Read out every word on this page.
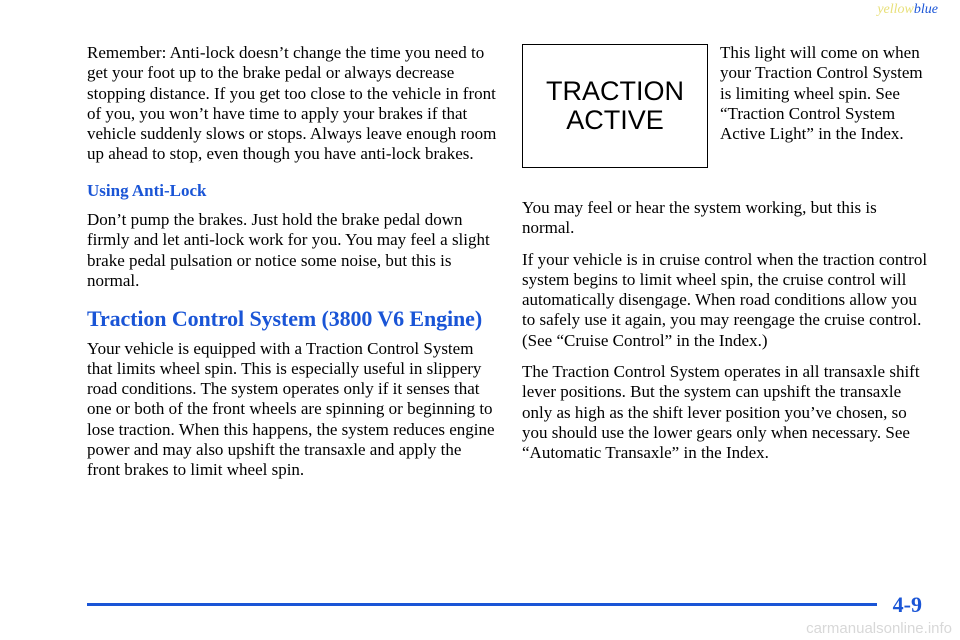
yellowblue

Remember: Anti-lock doesn’t change the time you need to get your foot up to the brake pedal or always decrease stopping distance. If you get too close to the vehicle in front of you, you won’t have time to apply your brakes if that vehicle suddenly slows or stops. Always leave enough room up ahead to stop, even though you have anti-lock brakes.

Using Anti-Lock

Don’t pump the brakes. Just hold the brake pedal down firmly and let anti-lock work for you. You may feel a slight brake pedal pulsation or notice some noise, but this is normal.

Traction Control System (3800 V6 Engine)

Your vehicle is equipped with a Traction Control System that limits wheel spin. This is especially useful in slippery road conditions. The system operates only if it senses that one or both of the front wheels are spinning or beginning to lose traction. When this happens, the system reduces engine power and may also upshift the transaxle and apply the front brakes to limit wheel spin.

TRACTION
ACTIVE
This light will come on when your Traction Control System is limiting wheel spin. See “Traction Control System Active Light” in the Index.

You may feel or hear the system working, but this is normal.

If your vehicle is in cruise control when the traction control system begins to limit wheel spin, the cruise control will automatically disengage. When road conditions allow you to safely use it again, you may reengage the cruise control. (See “Cruise Control” in the Index.)

The Traction Control System operates in all transaxle shift lever positions. But the system can upshift the transaxle only as high as the shift lever position you’ve chosen, so you should use the lower gears only when necessary. See “Automatic Transaxle” in the Index.

4-9
carmanualsonline.info
